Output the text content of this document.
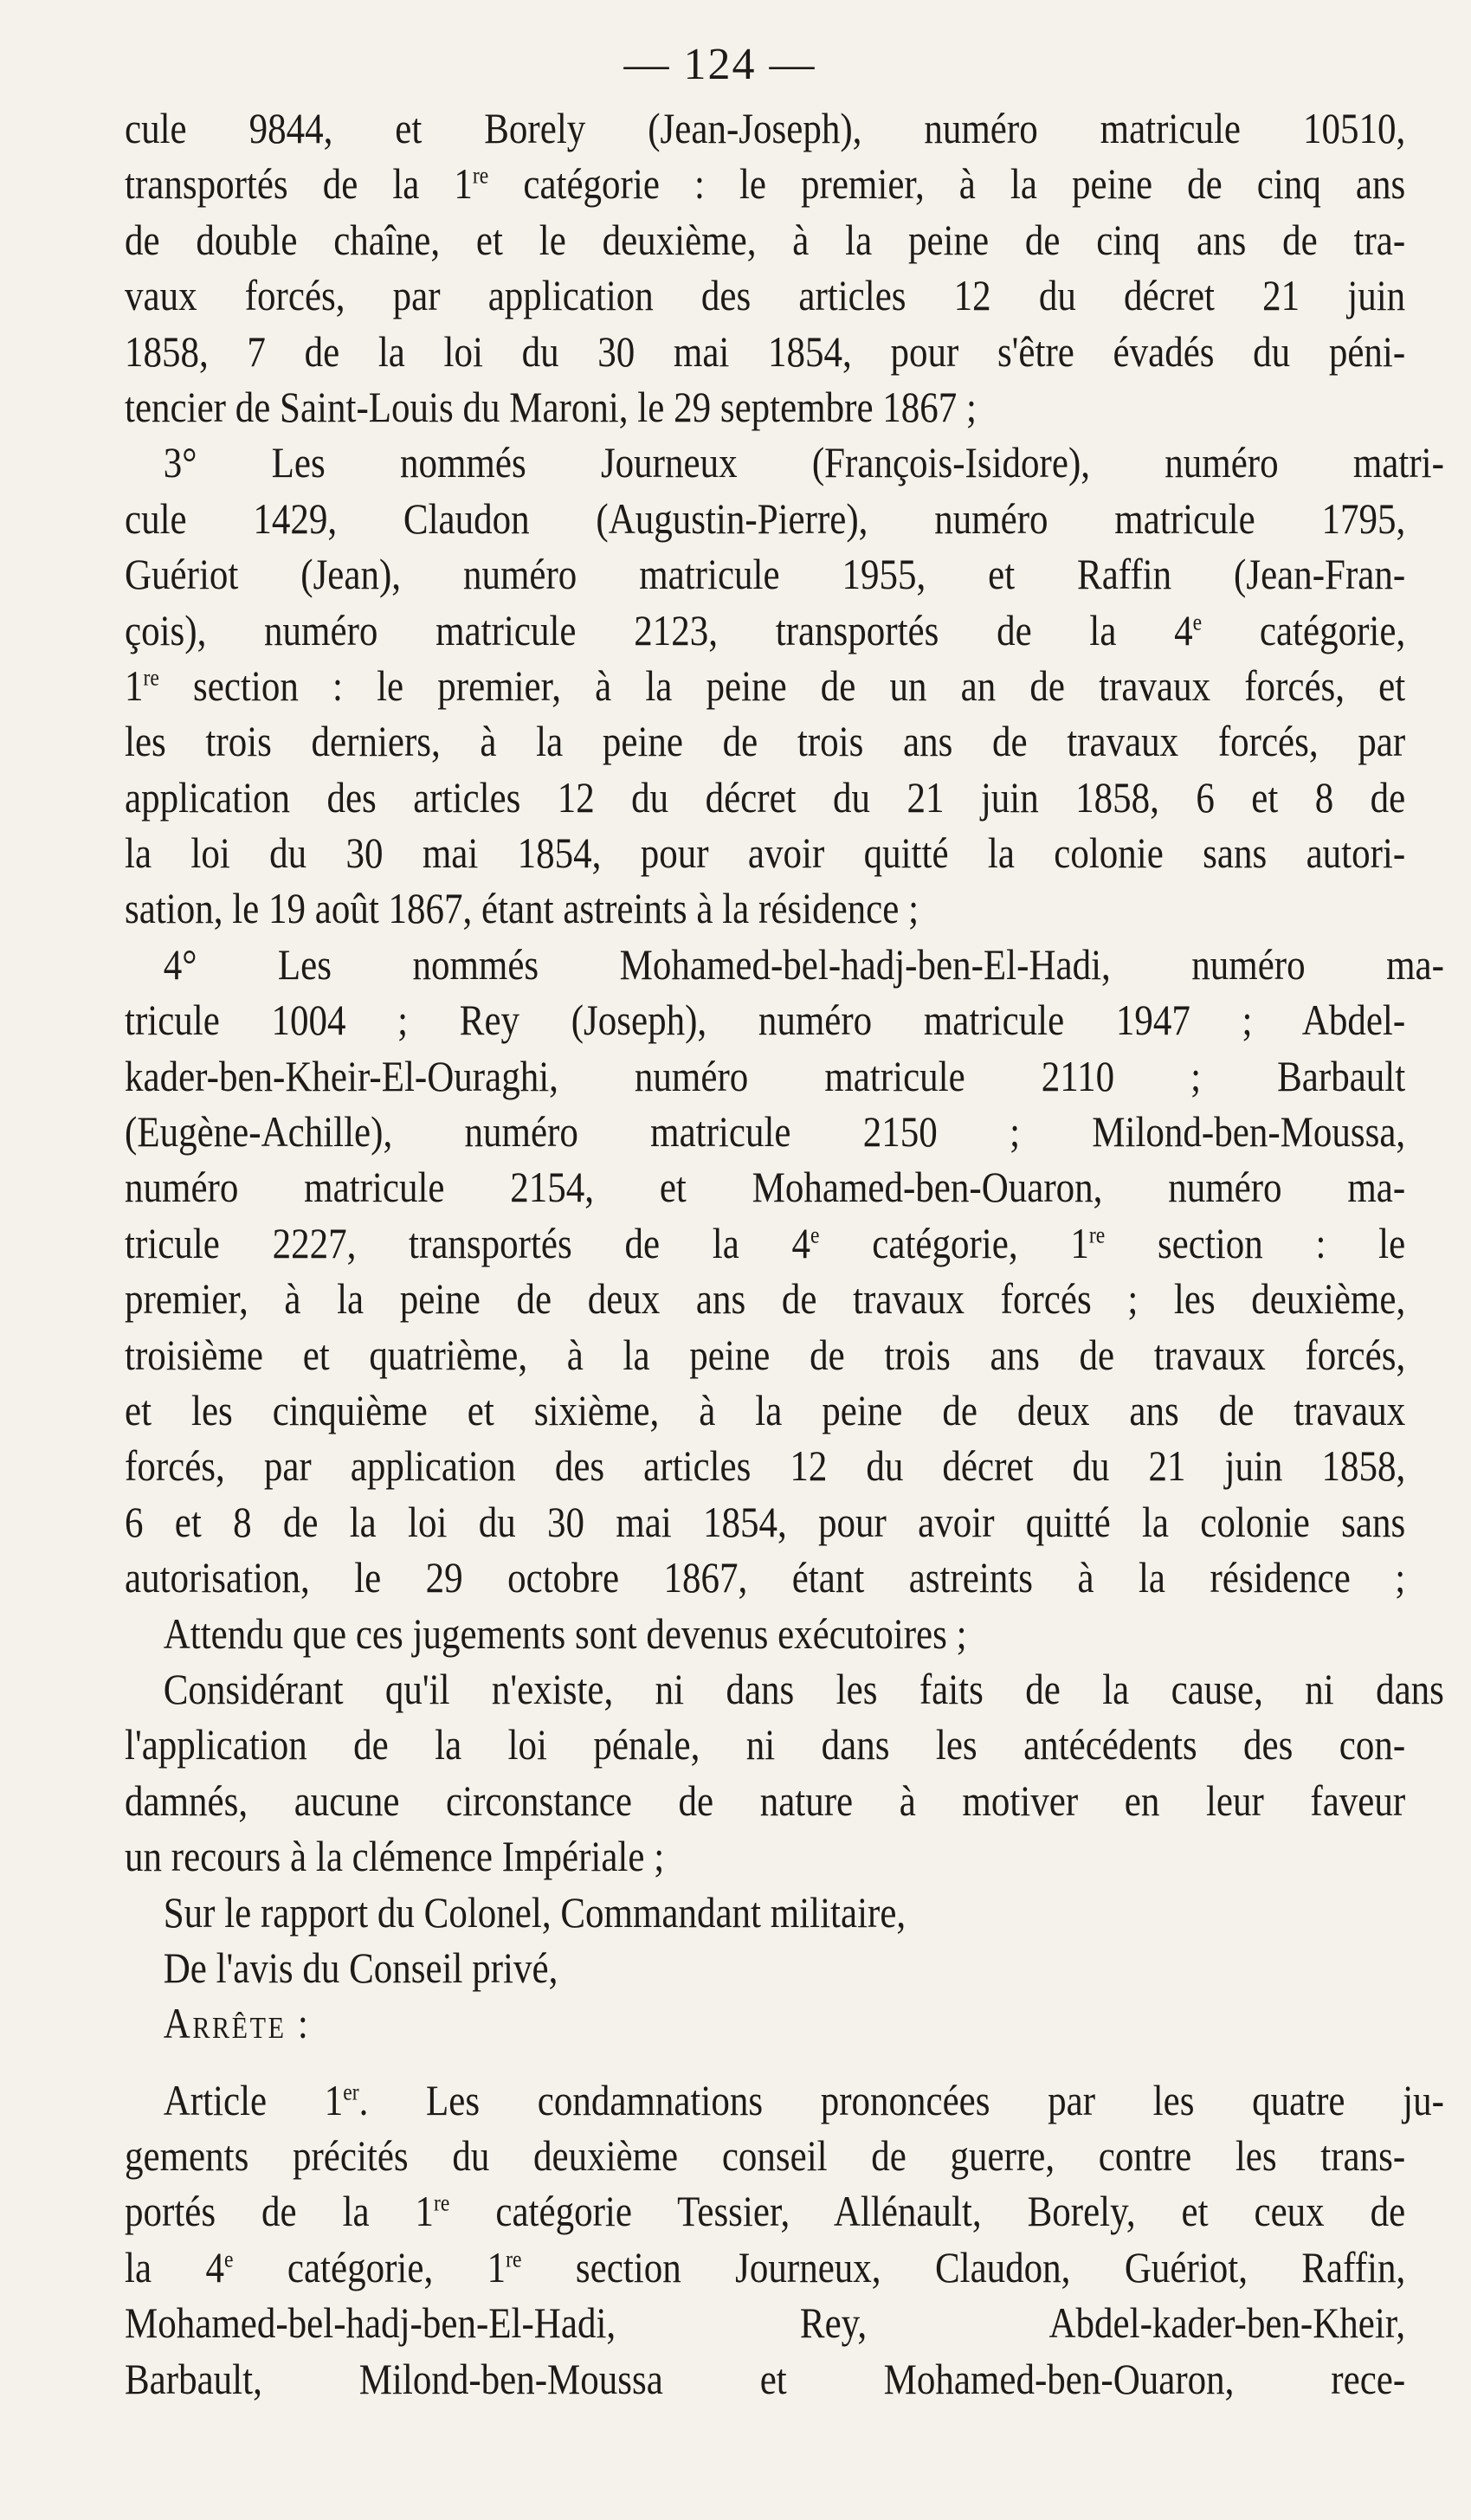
— 124 —
cule 9844, et Borely (Jean-Joseph), numéro matricule 10510,
transportés de la 1re catégorie : le premier, à la peine de cinq ans
de double chaîne, et le deuxième, à la peine de cinq ans de tra-
vaux forcés, par application des articles 12 du décret 21 juin
1858, 7 de la loi du 30 mai 1854, pour s'être évadés du péni-
tencier de Saint-Louis du Maroni, le 29 septembre 1867 ;
3° Les nommés Journeux (François-Isidore), numéro matri-
cule 1429, Claudon (Augustin-Pierre), numéro matricule 1795,
Guériot (Jean), numéro matricule 1955, et Raffin (Jean-Fran-
çois), numéro matricule 2123, transportés de la 4e catégorie,
1re section : le premier, à la peine de un an de travaux forcés, et
les trois derniers, à la peine de trois ans de travaux forcés, par
application des articles 12 du décret du 21 juin 1858, 6 et 8 de
la loi du 30 mai 1854, pour avoir quitté la colonie sans autori-
sation, le 19 août 1867, étant astreints à la résidence ;
4° Les nommés Mohamed-bel-hadj-ben-El-Hadi, numéro ma-
tricule 1004 ; Rey (Joseph), numéro matricule 1947 ; Abdel-
kader-ben-Kheir-El-Ouraghi, numéro matricule 2110 ; Barbault
(Eugène-Achille), numéro matricule 2150 ; Milond-ben-Moussa,
numéro matricule 2154, et Mohamed-ben-Ouaron, numéro ma-
tricule 2227, transportés de la 4e catégorie, 1re section : le
premier, à la peine de deux ans de travaux forcés ; les deuxième,
troisième et quatrième, à la peine de trois ans de travaux forcés,
et les cinquième et sixième, à la peine de deux ans de travaux
forcés, par application des articles 12 du décret du 21 juin 1858,
6 et 8 de la loi du 30 mai 1854, pour avoir quitté la colonie sans
autorisation, le 29 octobre 1867, étant astreints à la résidence ;
Attendu que ces jugements sont devenus exécutoires ;
Considérant qu'il n'existe, ni dans les faits de la cause, ni dans
l'application de la loi pénale, ni dans les antécédents des con-
damnés, aucune circonstance de nature à motiver en leur faveur
un recours à la clémence Impériale ;
Sur le rapport du Colonel, Commandant militaire,
De l'avis du Conseil privé,
Arrête :
Article 1er. Les condamnations prononcées par les quatre ju-
gements précités du deuxième conseil de guerre, contre les trans-
portés de la 1re catégorie Tessier, Allénault, Borely, et ceux de
la 4e catégorie, 1re section Journeux, Claudon, Guériot, Raffin,
Mohamed-bel-hadj-ben-El-Hadi, Rey, Abdel-kader-ben-Kheir,
Barbault, Milond-ben-Moussa et Mohamed-ben-Ouaron, rece-
